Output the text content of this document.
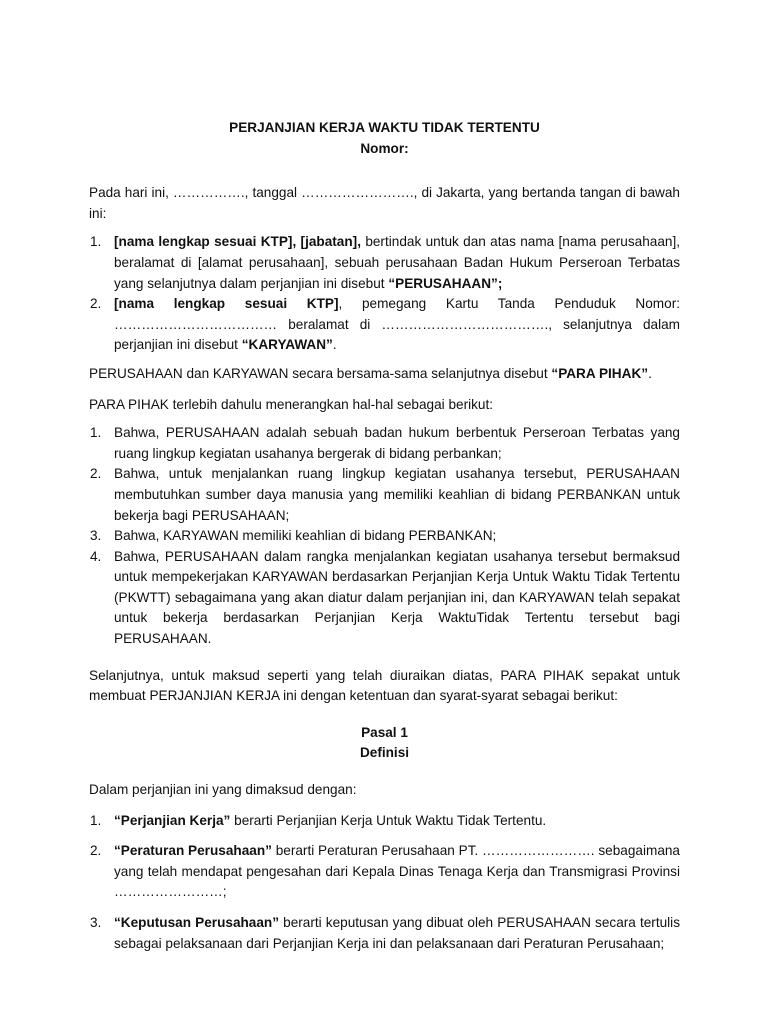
PERJANJIAN KERJA WAKTU TIDAK TERTENTU

Nomor:

Pada hari ini, ……………., tanggal ……………………., di Jakarta, yang bertanda tangan di bawah ini:

1. [nama lengkap sesuai KTP], [jabatan], bertindak untuk dan atas nama [nama perusahaan], beralamat di [alamat perusahaan], sebuah perusahaan Badan Hukum Perseroan Terbatas yang selanjutnya dalam perjanjian ini disebut “PERUSAHAAN”;
2. [nama lengkap sesuai KTP], pemegang Kartu Tanda Penduduk Nomor: ……………………………… beralamat di ………………………………., selanjutnya dalam perjanjian ini disebut “KARYAWAN”.

PERUSAHAAN dan KARYAWAN secara bersama-sama selanjutnya disebut “PARA PIHAK”.

PARA PIHAK terlebih dahulu menerangkan hal-hal sebagai berikut:

1. Bahwa, PERUSAHAAN adalah sebuah badan hukum berbentuk Perseroan Terbatas yang ruang lingkup kegiatan usahanya bergerak di bidang perbankan;
2. Bahwa, untuk menjalankan ruang lingkup kegiatan usahanya tersebut, PERUSAHAAN membutuhkan sumber daya manusia yang memiliki keahlian di bidang PERBANKAN untuk bekerja bagi PERUSAHAAN;
3. Bahwa, KARYAWAN memiliki keahlian di bidang PERBANKAN;
4. Bahwa, PERUSAHAAN dalam rangka menjalankan kegiatan usahanya tersebut bermaksud untuk mempekerjakan KARYAWAN berdasarkan Perjanjian Kerja Untuk Waktu Tidak Tertentu (PKWTT) sebagaimana yang akan diatur dalam perjanjian ini, dan KARYAWAN telah sepakat untuk bekerja berdasarkan Perjanjian Kerja WaktuTidak Tertentu tersebut bagi PERUSAHAAN.

Selanjutnya, untuk maksud seperti yang telah diuraikan diatas, PARA PIHAK sepakat untuk membuat PERJANJIAN KERJA ini dengan ketentuan dan syarat-syarat sebagai berikut:

Pasal 1

Definisi

Dalam perjanjian ini yang dimaksud dengan:

1. “Perjanjian Kerja” berarti Perjanjian Kerja Untuk Waktu Tidak Tertentu.
2. “Peraturan Perusahaan” berarti Peraturan Perusahaan PT. ……………………. sebagaimana yang telah mendapat pengesahan dari Kepala Dinas Tenaga Kerja dan Transmigrasi Provinsi ……………………;
3. “Keputusan Perusahaan” berarti keputusan yang dibuat oleh PERUSAHAAN secara tertulis sebagai pelaksanaan dari Perjanjian Kerja ini dan pelaksanaan dari Peraturan Perusahaan;
